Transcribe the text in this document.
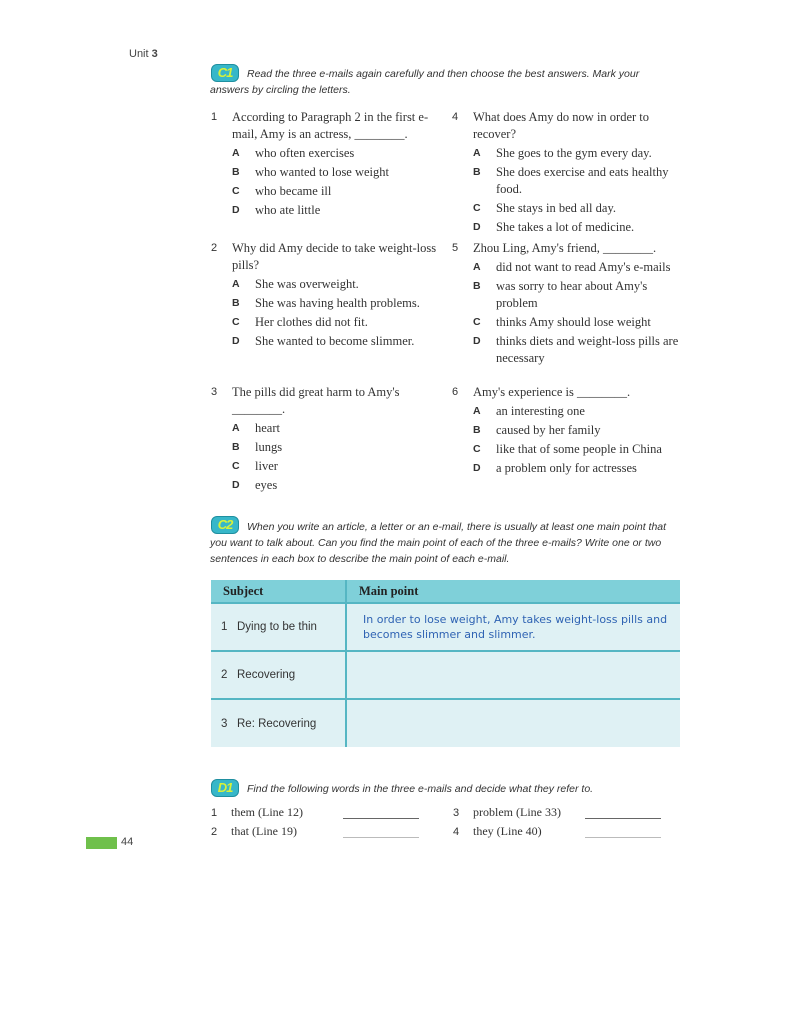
Unit 3
C1	Read the three e-mails again carefully and then choose the best answers. Mark your answers by circling the letters.
1 According to Paragraph 2 in the first e-mail, Amy is an actress, ________.
A who often exercises
B who wanted to lose weight
C who became ill
D who ate little
2 Why did Amy decide to take weight-loss pills?
A She was overweight.
B She was having health problems.
C Her clothes did not fit.
D She wanted to become slimmer.
3 The pills did great harm to Amy's ________.
A heart
B lungs
C liver
D eyes
4 What does Amy do now in order to recover?
A She goes to the gym every day.
B She does exercise and eats healthy food.
C She stays in bed all day.
D She takes a lot of medicine.
5 Zhou Ling, Amy's friend, ________.
A did not want to read Amy's e-mails
B was sorry to hear about Amy's problem
C thinks Amy should lose weight
D thinks diets and weight-loss pills are necessary
6 Amy's experience is ________.
A an interesting one
B caused by her family
C like that of some people in China
D a problem only for actresses
C2	When you write an article, a letter or an e-mail, there is usually at least one main point that you want to talk about. Can you find the main point of each of the three e-mails? Write one or two sentences in each box to describe the main point of each e-mail.
Subject	Main point
1 Dying to be thin	In order to lose weight, Amy takes weight-loss pills and becomes slimmer and slimmer.

2 Recovering	
3 Re: Recovering	
D1	Find the following words in the three e-mails and decide what they refer to.
1 them (Line 12)
2 that (Line 19)
3 problem (Line 33)
4 they (Line 40)
44
